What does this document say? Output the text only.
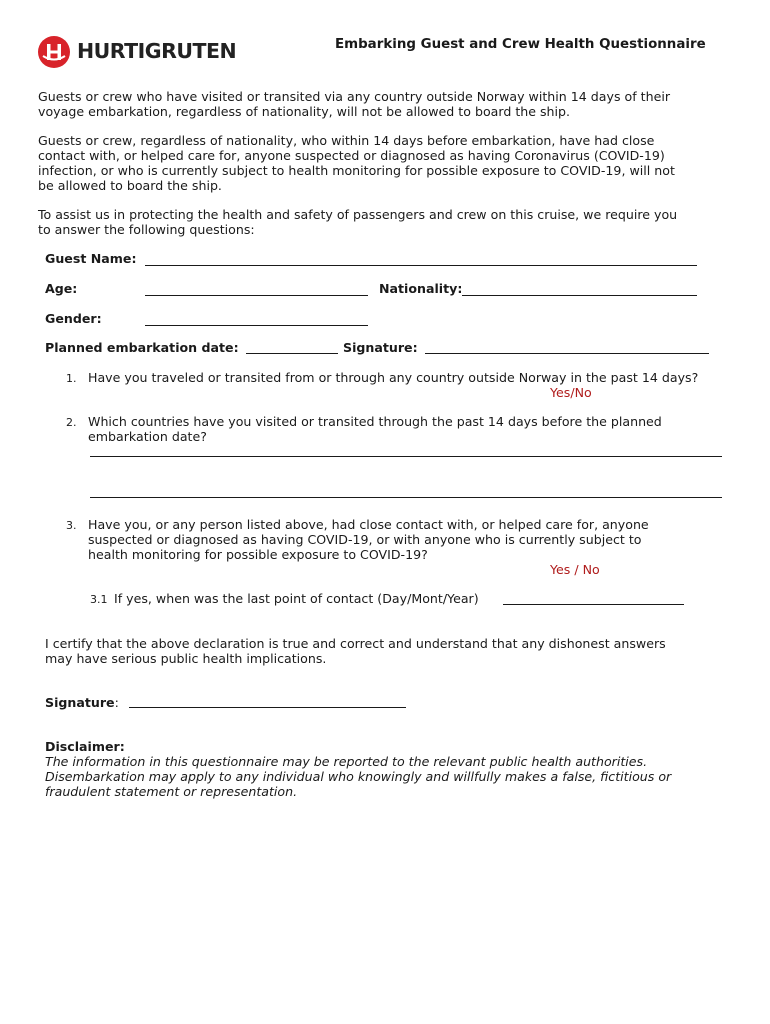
HURTIGRUTEN	Embarking Guest and Crew Health Questionnaire
Guests or crew who have visited or transited via any country outside Norway within 14 days of their
voyage embarkation, regardless of nationality, will not be allowed to board the ship.
Guests or crew, regardless of nationality, who within 14 days before embarkation, have had close
contact with, or helped care for, anyone suspected or diagnosed as having Coronavirus (COVID-19)
infection, or who is currently subject to health monitoring for possible exposure to COVID-19, will not
be allowed to board the ship.
To assist us in protecting the health and safety of passengers and crew on this cruise, we require you
to answer the following questions:
Guest Name:
Age:	Nationality:
Gender:
Planned embarkation date:	Signature:
1. Have you traveled or transited from or through any country outside Norway in the past 14 days?
Yes/No
2. Which countries have you visited or transited through the past 14 days before the planned
embarkation date?
3. Have you, or any person listed above, had close contact with, or helped care for, anyone
suspected or diagnosed as having COVID-19, or with anyone who is currently subject to
health monitoring for possible exposure to COVID-19?
Yes / No
3.1 If yes, when was the last point of contact (Day/Mont/Year)
I certify that the above declaration is true and correct and understand that any dishonest answers
may have serious public health implications.
Signature:
Disclaimer:
The information in this questionnaire may be reported to the relevant public health authorities.
Disembarkation may apply to any individual who knowingly and willfully makes a false, fictitious or
fraudulent statement or representation.
